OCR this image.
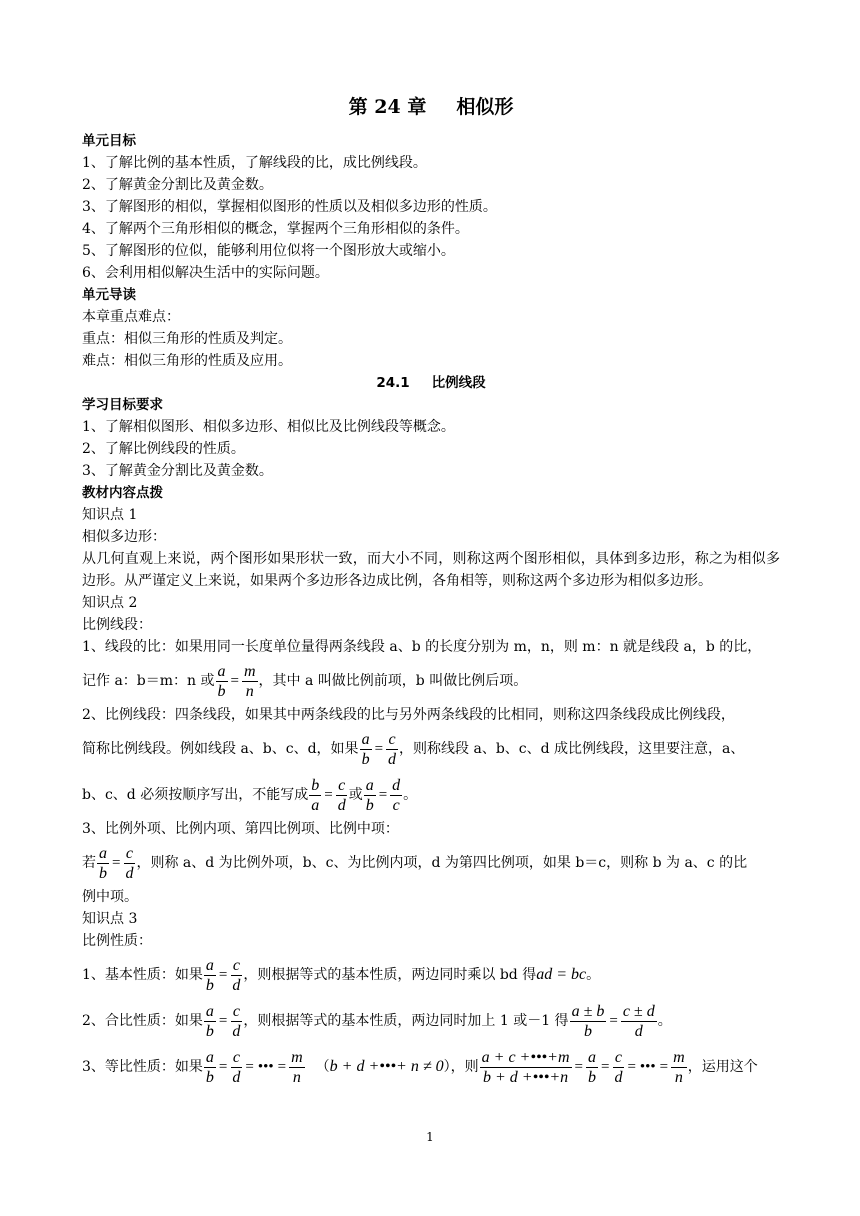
第 24 章 相似形
单元目标
1、了解比例的基本性质，了解线段的比，成比例线段。
2、了解黄金分割比及黄金数。
3、了解图形的相似，掌握相似图形的性质以及相似多边形的性质。
4、了解两个三角形相似的概念，掌握两个三角形相似的条件。
5、了解图形的位似，能够利用位似将一个图形放大或缩小。
6、会利用相似解决生活中的实际问题。
单元导读
本章重点难点：
重点：相似三角形的性质及判定。
难点：相似三角形的性质及应用。
24.1 比例线段
学习目标要求
1、了解相似图形、相似多边形、相似比及比例线段等概念。
2、了解比例线段的性质。
3、了解黄金分割比及黄金数。
教材内容点拨
知识点 1
相似多边形：
从几何直观上来说，两个图形如果形状一致，而大小不同，则称这两个图形相似，具体到多边形，称之为相似多边形。从严谨定义上来说，如果两个多边形各边成比例，各角相等，则称这两个多边形为相似多边形。
知识点 2
比例线段：
1、线段的比：如果用同一长度单位量得两条线段 a、b 的长度分别为 m，n，则 m：n 就是线段 a，b 的比，
记作 a：b＝m：n 或 $\frac{a}{b} = \frac{m}{n}$ ，其中 a 叫做比例前项，b 叫做比例后项。
2、比例线段：四条线段，如果其中两条线段的比与另外两条线段的比相同，则称这四条线段成比例线段，
简称比例线段。例如线段 a、b、c、d，如果 $\frac{a}{b} = \frac{c}{d}$ ，则称线段 a、b、c、d 成比例线段，这里要注意，a、
b、c、d 必须按顺序写出，不能写成 $\frac{b}{a} = \frac{c}{d}$ 或 $\frac{a}{b} = \frac{d}{c}$ 。
3、比例外项、比例内项、第四比例项、比例中项：
若 $\frac{a}{b} = \frac{c}{d}$ ，则称 a、d 为比例外项，b、c、为比例内项，d 为第四比例项，如果 b＝c，则称 b 为 a、c 的比
例中项。
知识点 3
比例性质：
1、基本性质：如果 $\frac{a}{b} = \frac{c}{d}$ ，则根据等式的基本性质，两边同时乘以 bd 得ad = bc。
2、合比性质：如果 $\frac{a}{b} = \frac{c}{d}$ ，则根据等式的基本性质，两边同时加上 1 或－1 得 $\frac{a \pm b}{b} = \frac{c \pm d}{d}$ 。
3、等比性质：如果 $\frac{a}{b} = \frac{c}{d}$ = ••• = $\frac{m}{n} (b + d$ +•••+ n ≠ 0），则 $\frac{a + c +•••+m}{b + d +•••+n} = \frac{a}{b} = \frac{c}{d}$ = ••• = $\frac{m}{n}$ ，运用这个
1
